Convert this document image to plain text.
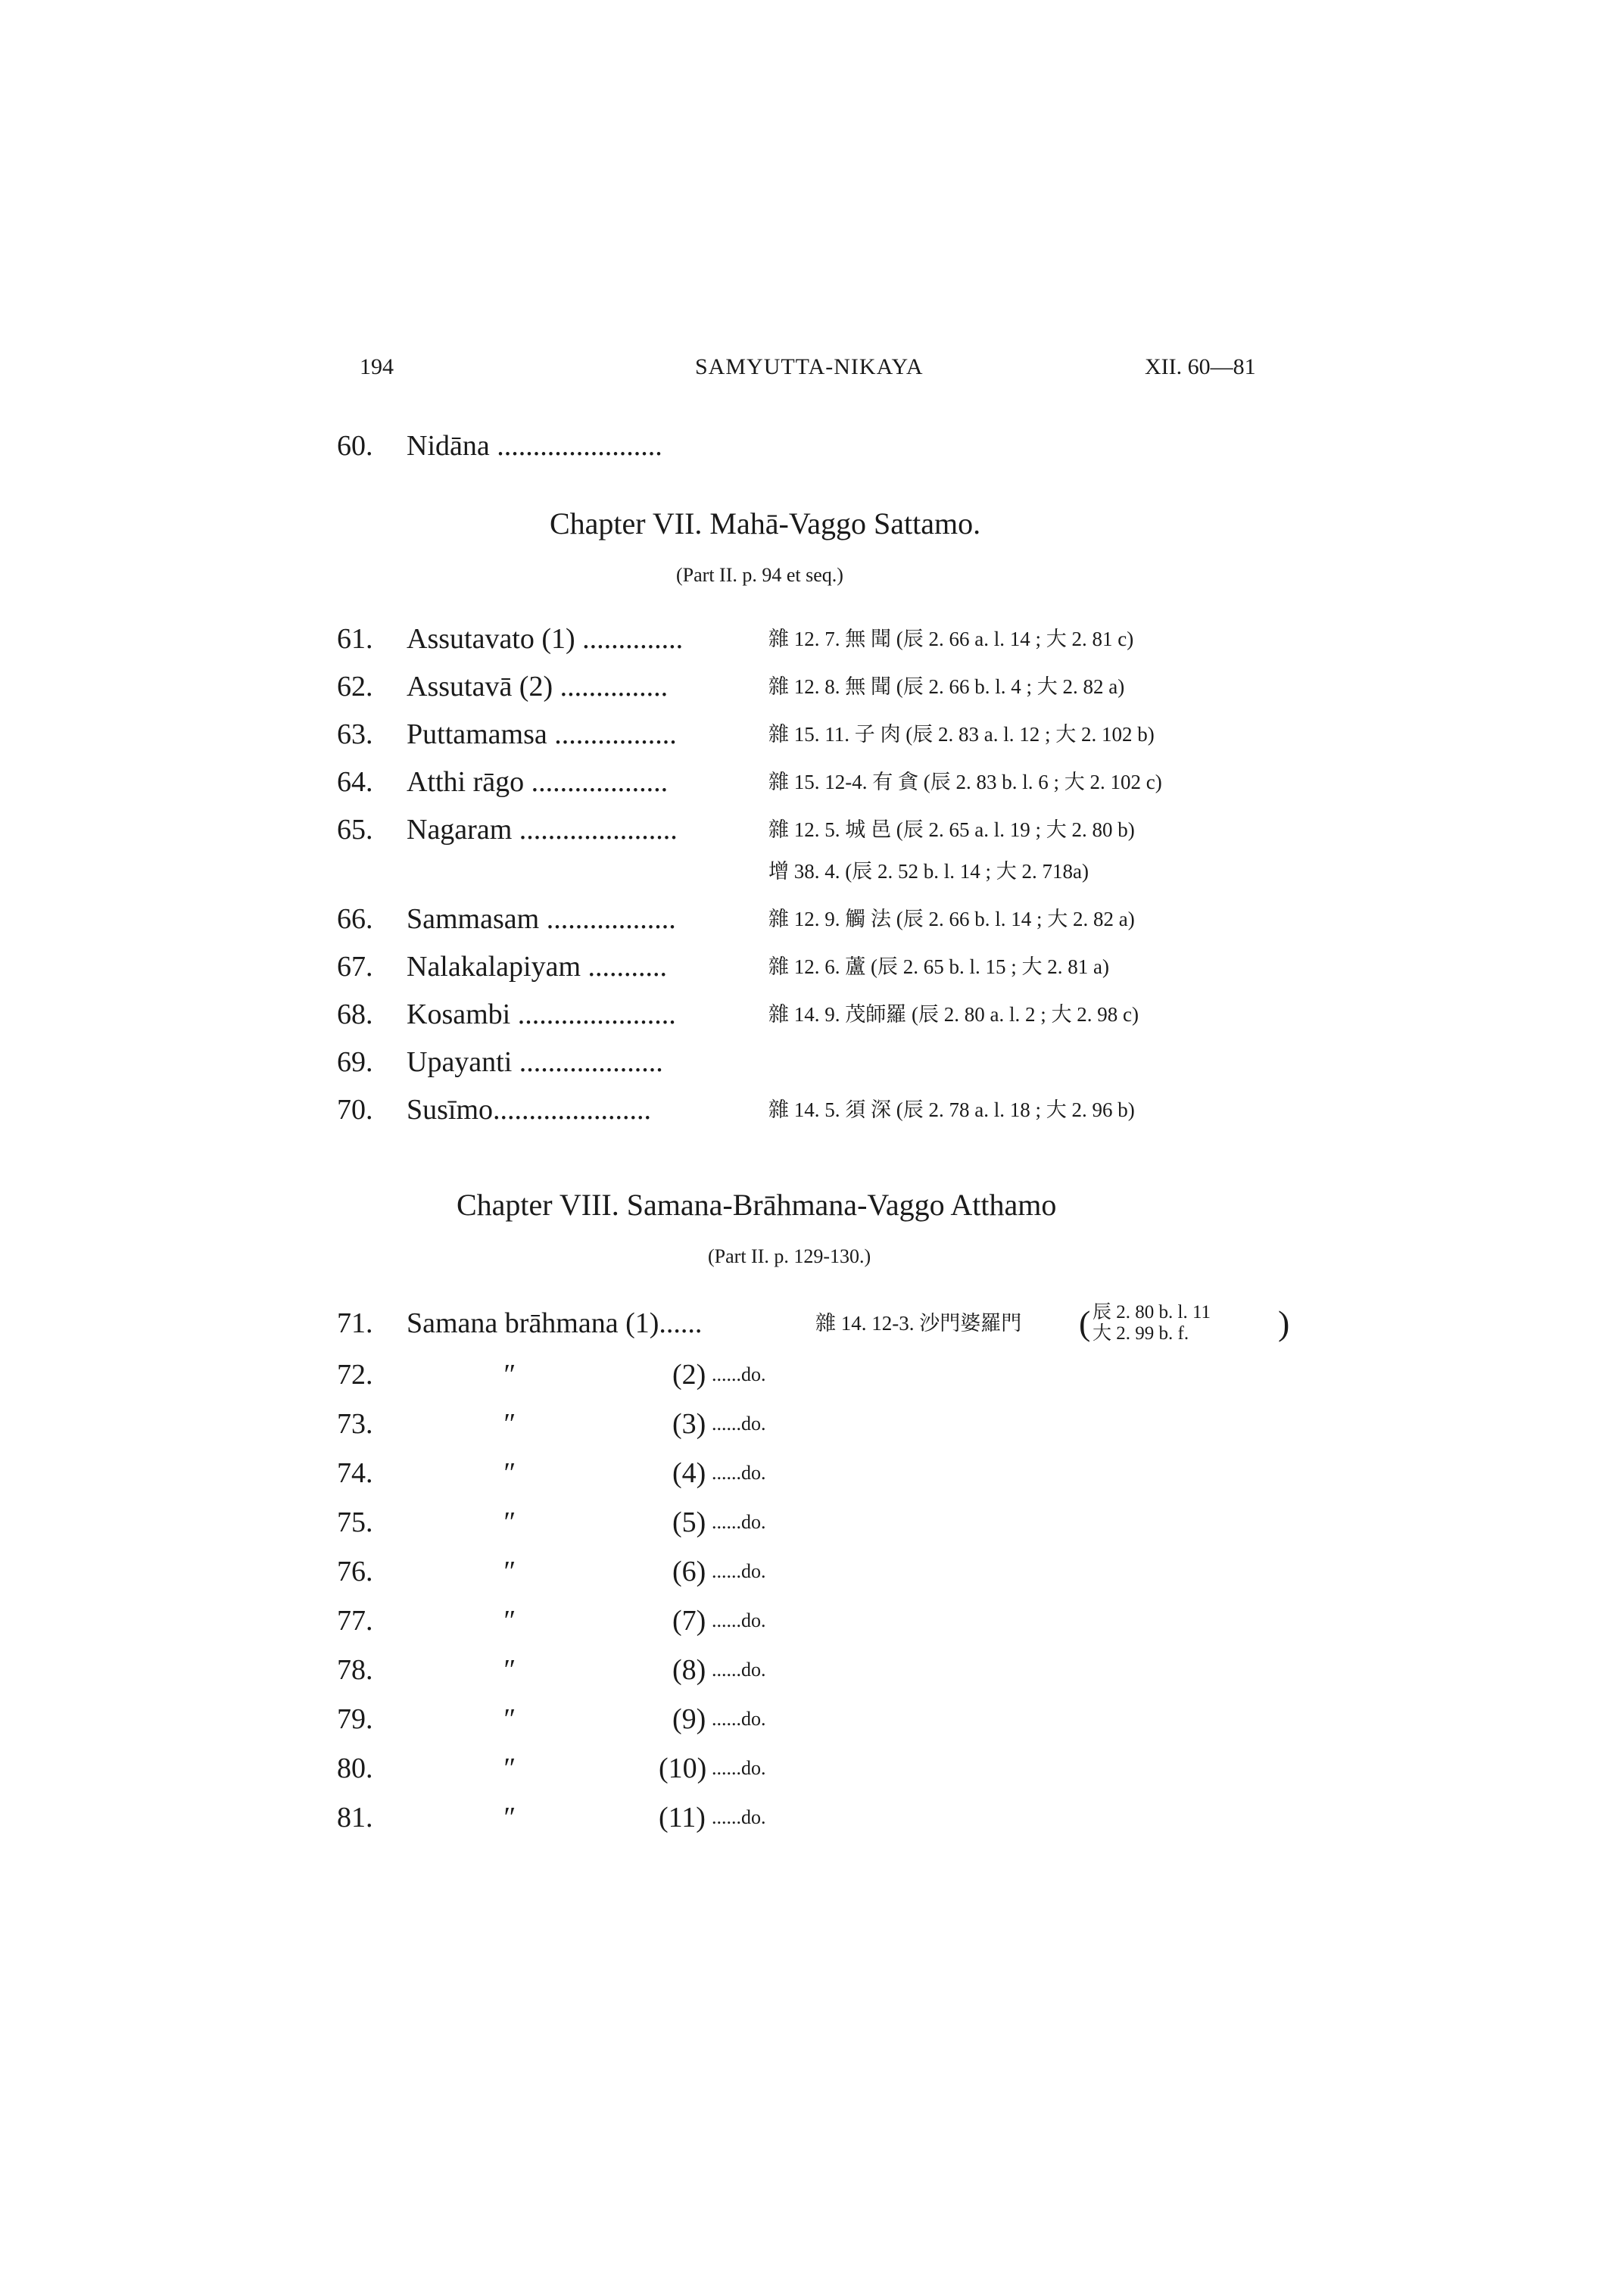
194	SAMYUTTA-NIKAYA	XII. 60—81
60. Nidāna .......................
Chapter VII. Mahā-Vaggo Sattamo.
(Part II. p. 94 et seq.)
61. Assutavato (1) ..............	雜 12. 7. 無 聞 (辰 2. 66 a. l. 14 ; 大 2. 81 c)
62. Assutavā (2) ...............	雜 12. 8. 無 聞 (辰 2. 66 b. l. 4 ; 大 2. 82 a)
63. Puttamamsa .................	雜 15. 11. 子 肉 (辰 2. 83 a. l. 12 ; 大 2. 102 b)
64. Atthi rāgo ...................	雜 15. 12-4. 有 貪 (辰 2. 83 b. l. 6 ; 大 2. 102 c)
65. Nagaram ......................	雜 12. 5. 城 邑 (辰 2. 65 a. l. 19 ; 大 2. 80 b)
增 38. 4. (辰 2. 52 b. l. 14 ; 大 2. 718a)
66. Sammasam ..................	雜 12. 9. 觸 法 (辰 2. 66 b. l. 14 ; 大 2. 82 a)
67. Nalakalapiyam ...........	雜 12. 6. 蘆 (辰 2. 65 b. l. 15 ; 大 2. 81 a)
68. Kosambi ......................	雜 14. 9. 茂師羅 (辰 2. 80 a. l. 2 ; 大 2. 98 c)
69. Upayanti ....................
70. Susīmo......................	雜 14. 5. 須 深 (辰 2. 78 a. l. 18 ; 大 2. 96 b)
Chapter VIII. Samana-Brāhmana-Vaggo Atthamo
(Part II. p. 129-130.)
71. Samana brāhmana (1)......	雜 14. 12-3. 沙門婆羅門 ( 辰 2. 80 b. l. 11
大 2. 99 b. f.	)
72.	″	(2) ......do.
73.	″	(3) ......do.
74.	″	(4) ......do.
75.	″	(5) ......do.
76.	″	(6) ......do.
77.	″	(7) ......do.
78.	″	(8) ......do.
79.	″	(9) ......do.
80.	″	(10) ......do.
81.	″	(11) ......do.
